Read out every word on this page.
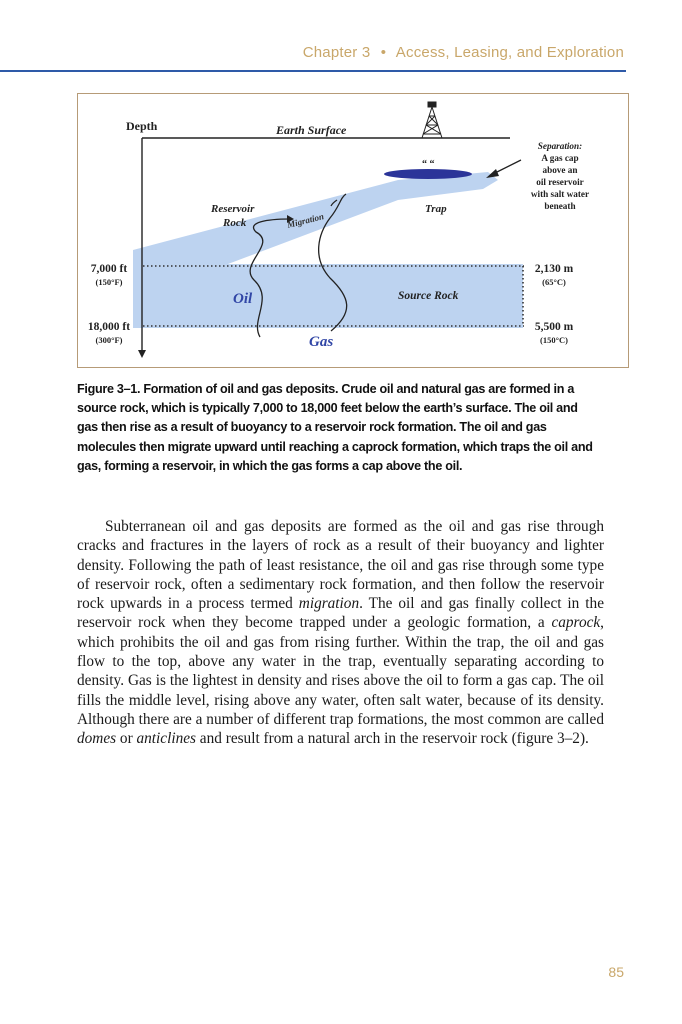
Chapter 3 • Access, Leasing, and Exploration
Depth	Earth Surface
“ “
Reservoir
Rock	Migration
Trap
Oil
Gas
Source Rock
Separation:
A gas cap
above an
oil reservoir
with salt water
beneath
7,000 ft
(150°F)
18,000 ft
(300°F)
2,130 m
(65°C)
5,500 m
(150°C)
Figure 3–1. Formation of oil and gas deposits. Crude oil and natural gas are formed in a source rock, which is typically 7,000 to 18,000 feet below the earth’s surface. The oil and gas then rise as a result of buoyancy to a reservoir rock formation. The oil and gas molecules then migrate upward until reaching a caprock formation, which traps the oil and gas, forming a reservoir, in which the gas forms a cap above the oil.

Subterranean oil and gas deposits are formed as the oil and gas rise through cracks and fractures in the layers of rock as a result of their buoyancy and lighter density. Following the path of least resistance, the oil and gas rise through some type of reservoir rock, often a sedimentary rock formation, and then follow the reservoir rock upwards in a process termed migration. The oil and gas finally collect in the reservoir rock when they become trapped under a geologic formation, a caprock, which prohibits the oil and gas from rising further. Within the trap, the oil and gas flow to the top, above any water in the trap, eventually separating according to density. Gas is the lightest in density and rises above the oil to form a gas cap. The oil fills the middle level, rising above any water, often salt water, because of its density. Although there are a number of different trap formations, the most common are called domes or anticlines and result from a natural arch in the reservoir rock (figure 3–2).

85
